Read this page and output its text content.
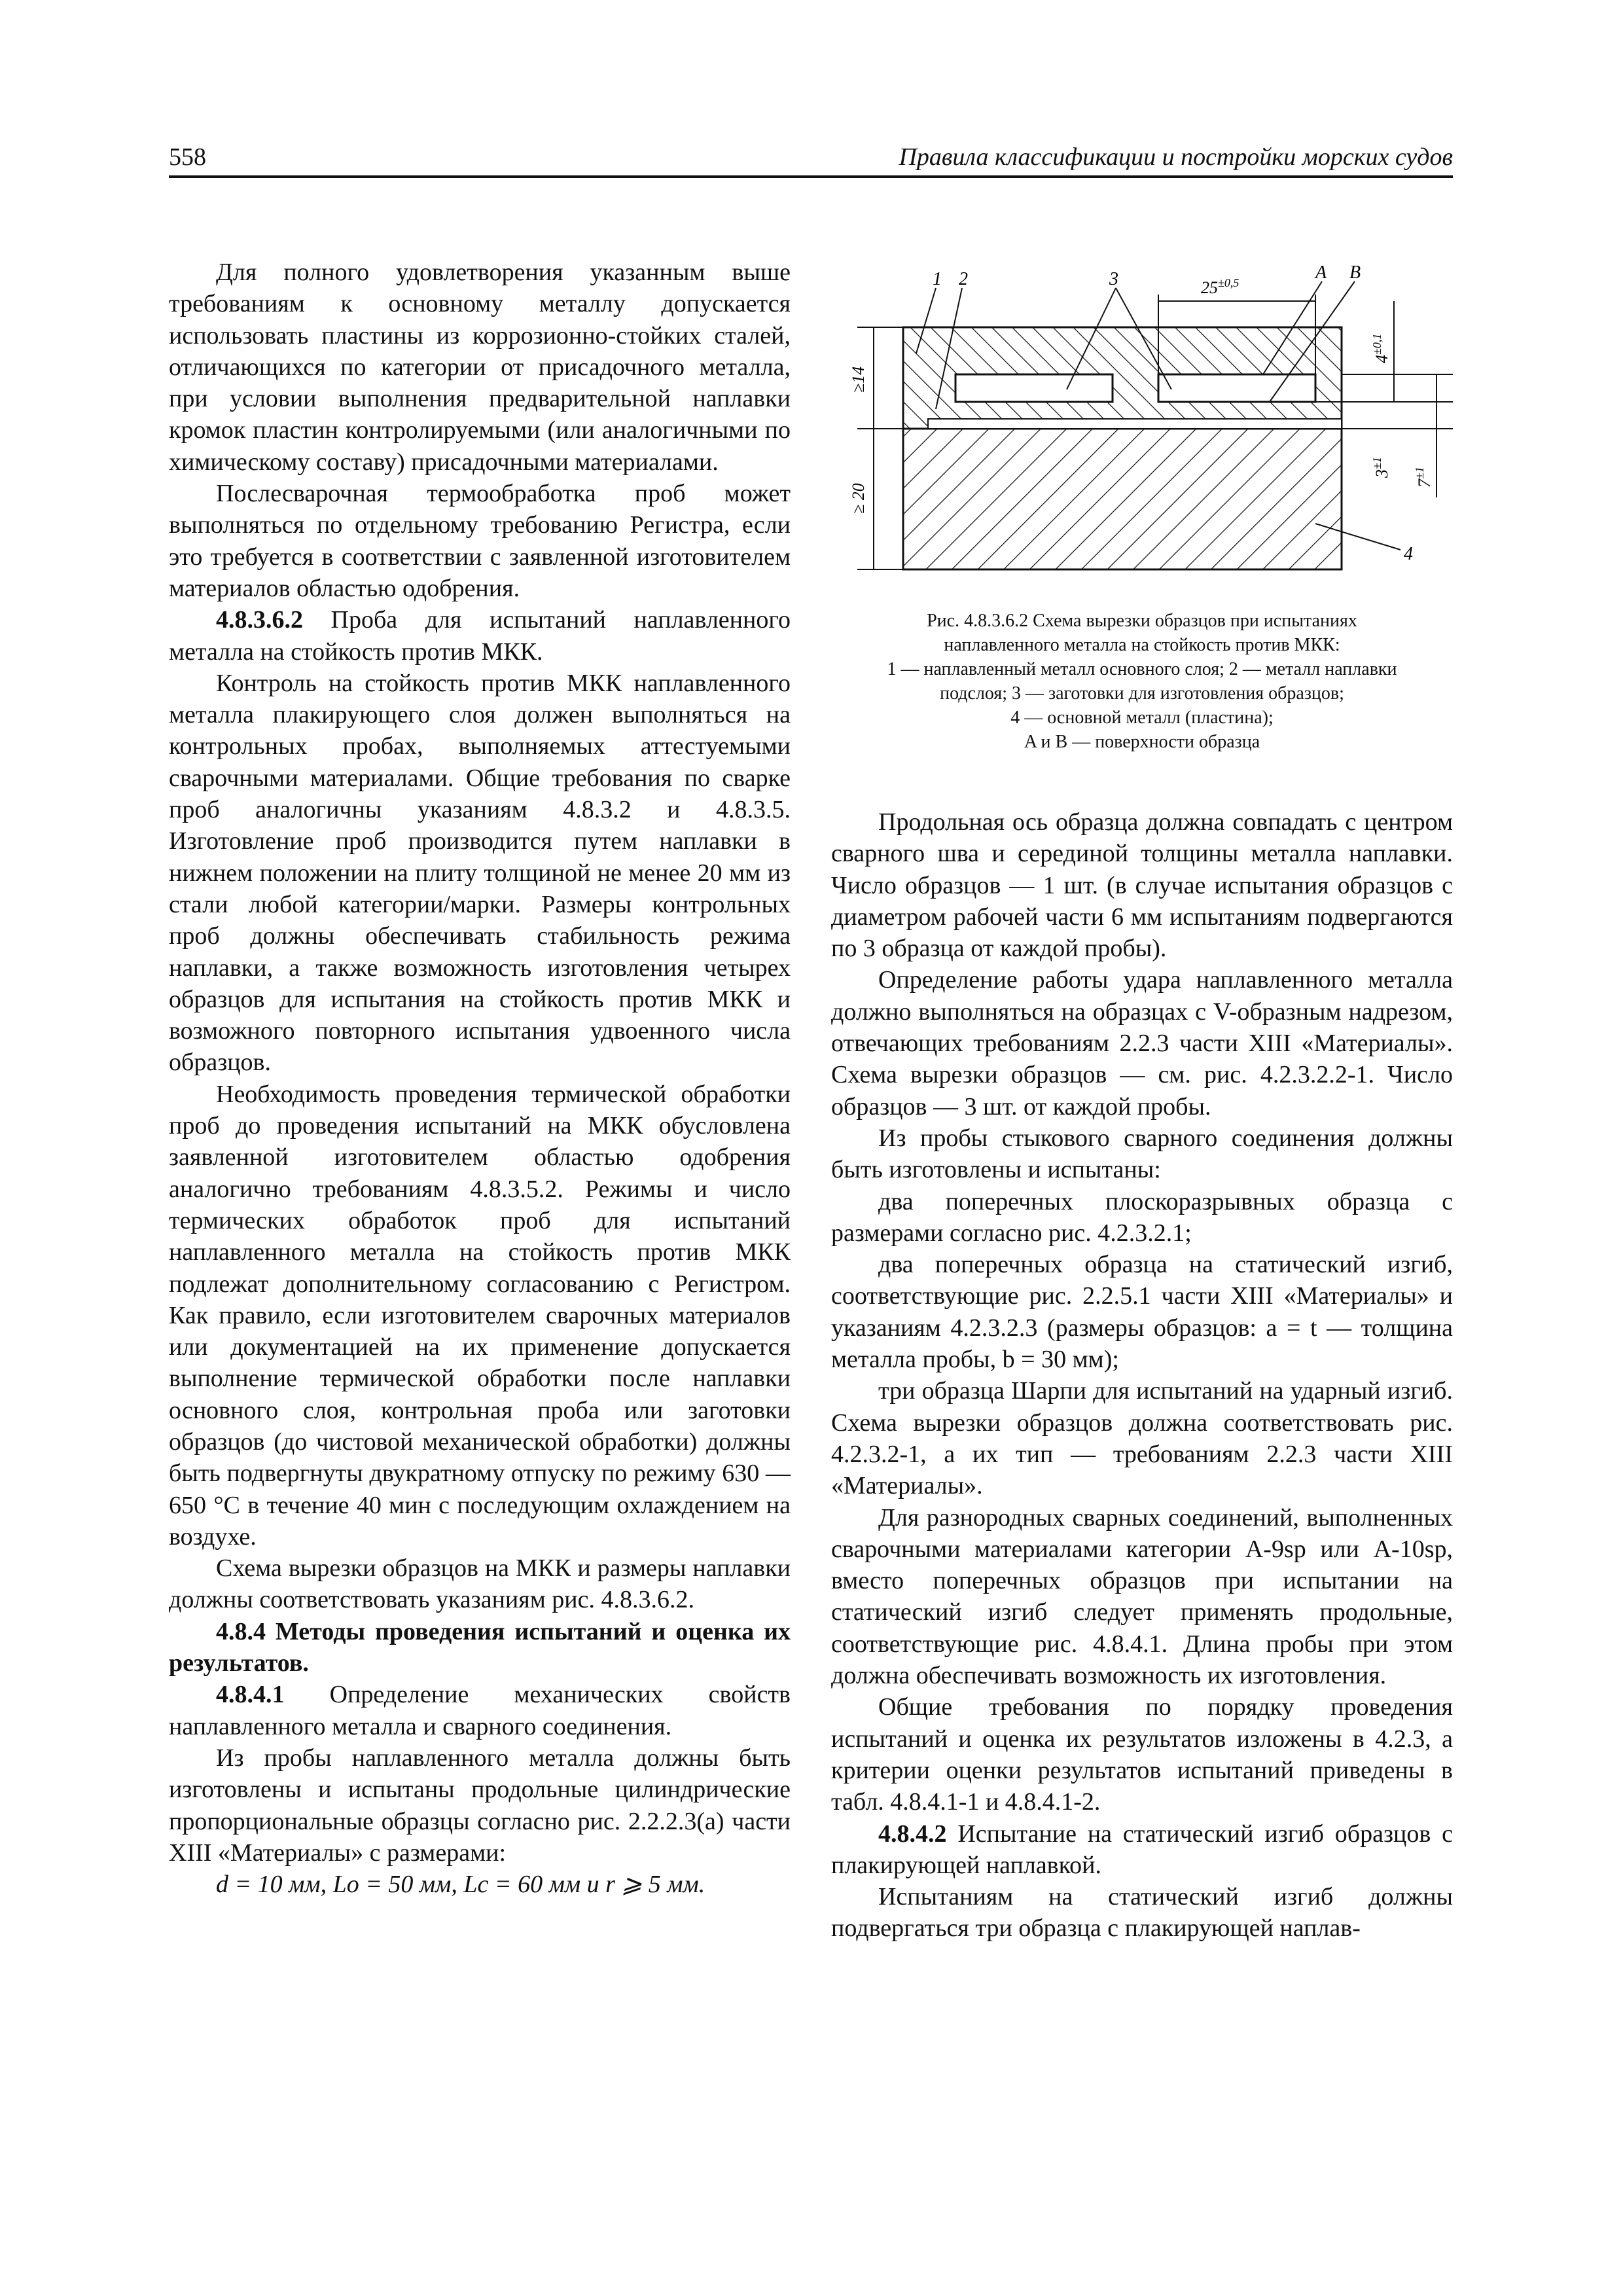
558	Правила классификации и постройки морских судов

Для полного удовлетворения указанным выше требованиям к основному металлу допускается использовать пластины из коррозионно-стойких сталей, отличающихся по категории от присадочного металла, при условии выполнения предварительной наплавки кромок пластин контролируемыми (или аналогичными по химическому составу) присадочными материалами.

Послесварочная термообработка проб может выполняться по отдельному требованию Регистра, если это требуется в соответствии с заявленной изготовителем материалов областью одобрения.

4.8.3.6.2 Проба для испытаний наплавленного металла на стойкость против МКК.

Контроль на стойкость против МКК наплавленного металла плакирующего слоя должен выполняться на контрольных пробах, выполняемых аттестуемыми сварочными материалами. Общие требования по сварке проб аналогичны указаниям 4.8.3.2 и 4.8.3.5. Изготовление проб производится путем наплавки в нижнем положении на плиту толщиной не менее 20 мм из стали любой категории/марки. Размеры контрольных проб должны обеспечивать стабильность режима наплавки, а также возможность изготовления четырех образцов для испытания на стойкость против МКК и возможного повторного испытания удвоенного числа образцов.

Необходимость проведения термической обработки проб до проведения испытаний на МКК обусловлена заявленной изготовителем областью одобрения аналогично требованиям 4.8.3.5.2. Режимы и число термических обработок проб для испытаний наплавленного металла на стойкость против МКК подлежат дополнительному согласованию с Регистром. Как правило, если изготовителем сварочных материалов или документацией на их применение допускается выполнение термической обработки после наплавки основного слоя, контрольная проба или заготовки образцов (до чистовой механической обработки) должны быть подвергнуты двукратному отпуску по режиму 630 — 650 °С в течение 40 мин с последующим охлаждением на воздухе.

Схема вырезки образцов на МКК и размеры наплавки должны соответствовать указаниям рис. 4.8.3.6.2.

4.8.4 Методы проведения испытаний и оценка их результатов.

4.8.4.1 Определение механических свойств наплавленного металла и сварного соединения.

Из пробы наплавленного металла должны быть изготовлены и испытаны продольные цилиндрические пропорциональные образцы согласно рис. 2.2.2.3(a) части XIII «Материалы» с размерами:

d = 10 мм, Lо = 50 мм, Lс = 60 мм и r ⩾ 5 мм.

≥14
≥ 20
$4^{\pm 0,1}$
$3^{\pm 1}$
$7^{\pm 1}$
$25^{\pm 0,5}$
1 2	3	A B
4
Рис. 4.8.3.6.2 Схема вырезки образцов при испытаниях
наплавленного металла на стойкость против МКК:
1 — наплавленный металл основного слоя; 2 — металл наплавки
подслоя; 3 — заготовки для изготовления образцов;
4 — основной металл (пластина);
A и B — поверхности образца

Продольная ось образца должна совпадать с центром сварного шва и серединой толщины металла наплавки. Число образцов — 1 шт. (в случае испытания образцов с диаметром рабочей части 6 мм испытаниям подвергаются по 3 образца от каждой пробы).

Определение работы удара наплавленного металла должно выполняться на образцах с V-образным надрезом, отвечающих требованиям 2.2.3 части XIII «Материалы». Схема вырезки образцов — см. рис. 4.2.3.2.2-1. Число образцов — 3 шт. от каждой пробы.

Из пробы стыкового сварного соединения должны быть изготовлены и испытаны:

два поперечных плоскоразрывных образца с размерами согласно рис. 4.2.3.2.1;

два поперечных образца на статический изгиб, соответствующие рис. 2.2.5.1 части XIII «Материалы» и указаниям 4.2.3.2.3 (размеры образцов: a = t — толщина металла пробы, b = 30 мм);

три образца Шарпи для испытаний на ударный изгиб. Схема вырезки образцов должна соответствовать рис. 4.2.3.2-1, а их тип — требованиям 2.2.3 части XIII «Материалы».

Для разнородных сварных соединений, выполненных сварочными материалами категории A-9sp или A-10sp, вместо поперечных образцов при испытании на статический изгиб следует применять продольные, соответствующие рис. 4.8.4.1. Длина пробы при этом должна обеспечивать возможность их изготовления.

Общие требования по порядку проведения испытаний и оценка их результатов изложены в 4.2.3, а критерии оценки результатов испытаний приведены в табл. 4.8.4.1-1 и 4.8.4.1-2.

4.8.4.2 Испытание на статический изгиб образцов с плакирующей наплавкой.

Испытаниям на статический изгиб должны подвергаться три образца с плакирующей наплав-
